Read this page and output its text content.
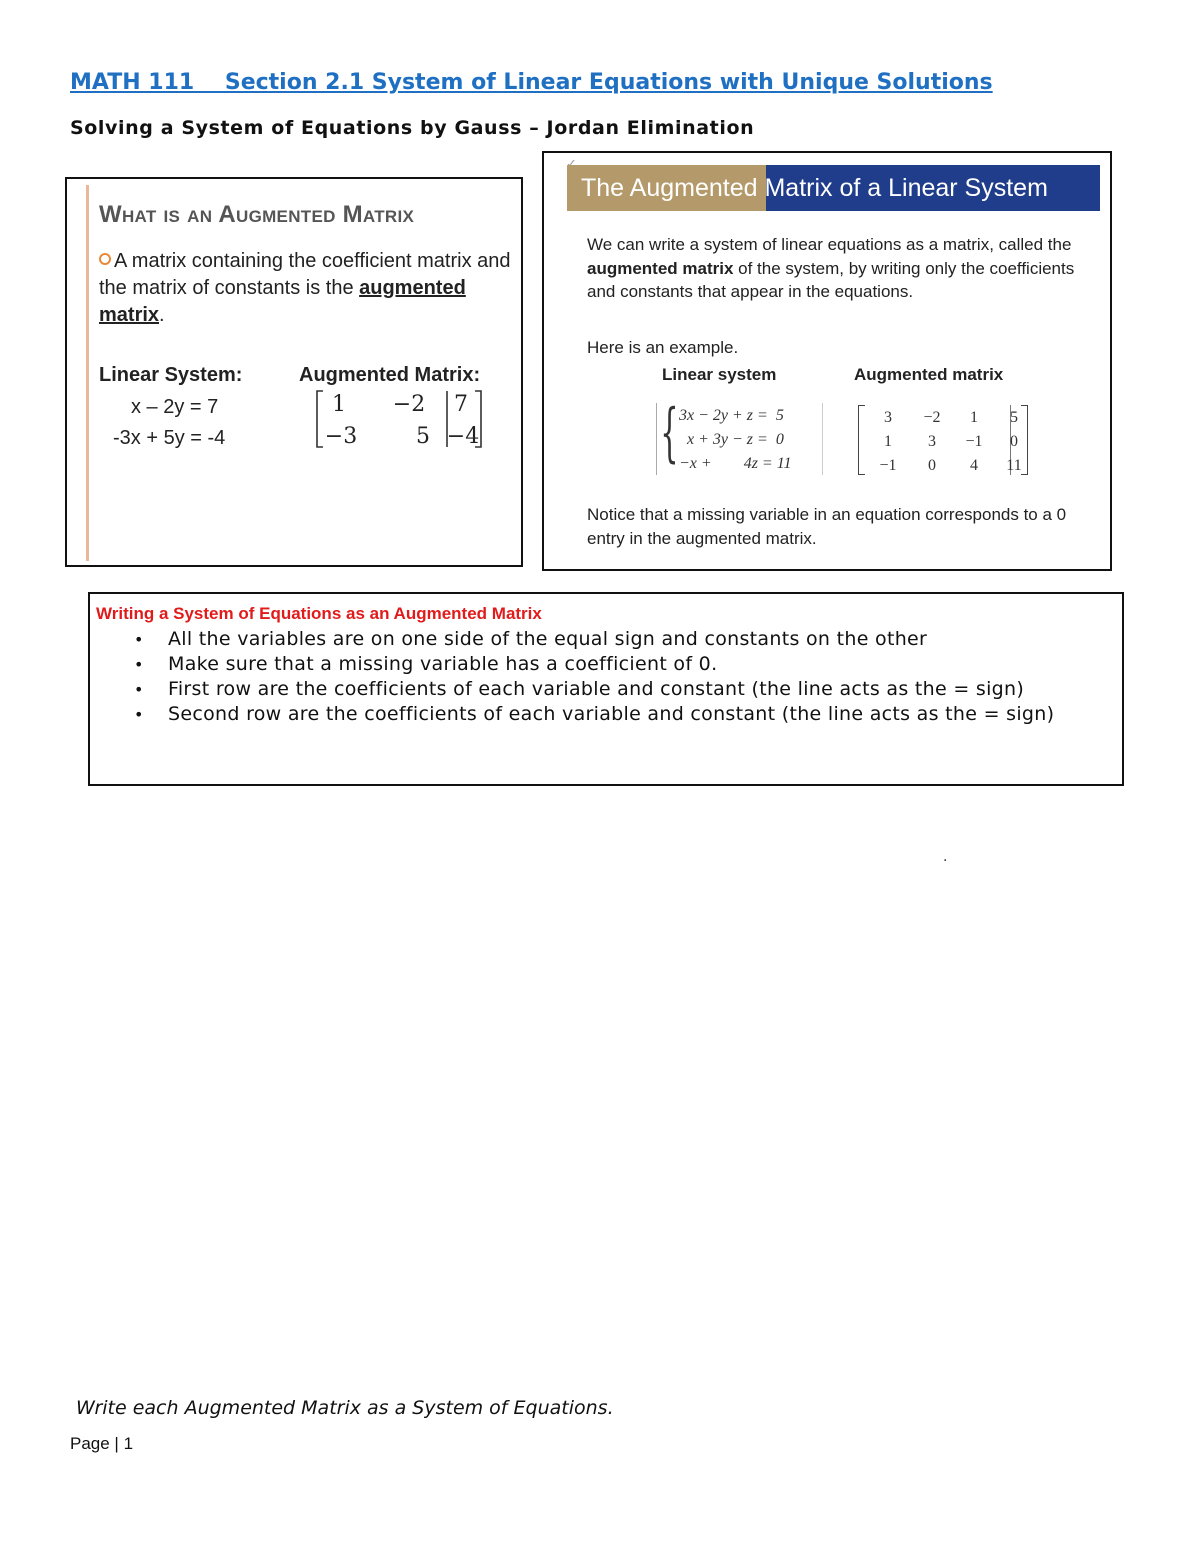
MATH 111    Section 2.1 System of Linear Equations with Unique Solutions
Solving a System of Equations by Gauss – Jordan Elimination
What is an Augmented Matrix
A matrix containing the coefficient matrix and the matrix of constants is the augmented matrix.
Linear System:	Augmented Matrix:
x – 2y = 7
-3x + 5y = -4
1 −2 7
−3	5 −4
The Augmented Matrix of a Linear System
We can write a system of linear equations as a matrix, called the augmented matrix of the system, by writing only the coefficients and constants that appear in the equations.
Here is an example.
Linear system	Augmented matrix
{ 3x − 2y + z =  5
x + 3y − z =  0
−x +        4z = 11
3	−2	1	5
1	3	−1	0
−1	0	4	11
Notice that a missing variable in an equation corresponds to a 0 entry in the augmented matrix.
Writing a System of Equations as an Augmented Matrix
• All the variables are on one side of the equal sign and constants on the other
• Make sure that a missing variable has a coefficient of 0.
• First row are the coefficients of each variable and constant (the line acts as the = sign)
• Second row are the coefficients of each variable and constant (the line acts as the = sign)
.
Write each Augmented Matrix as a System of Equations.
Page | 1
